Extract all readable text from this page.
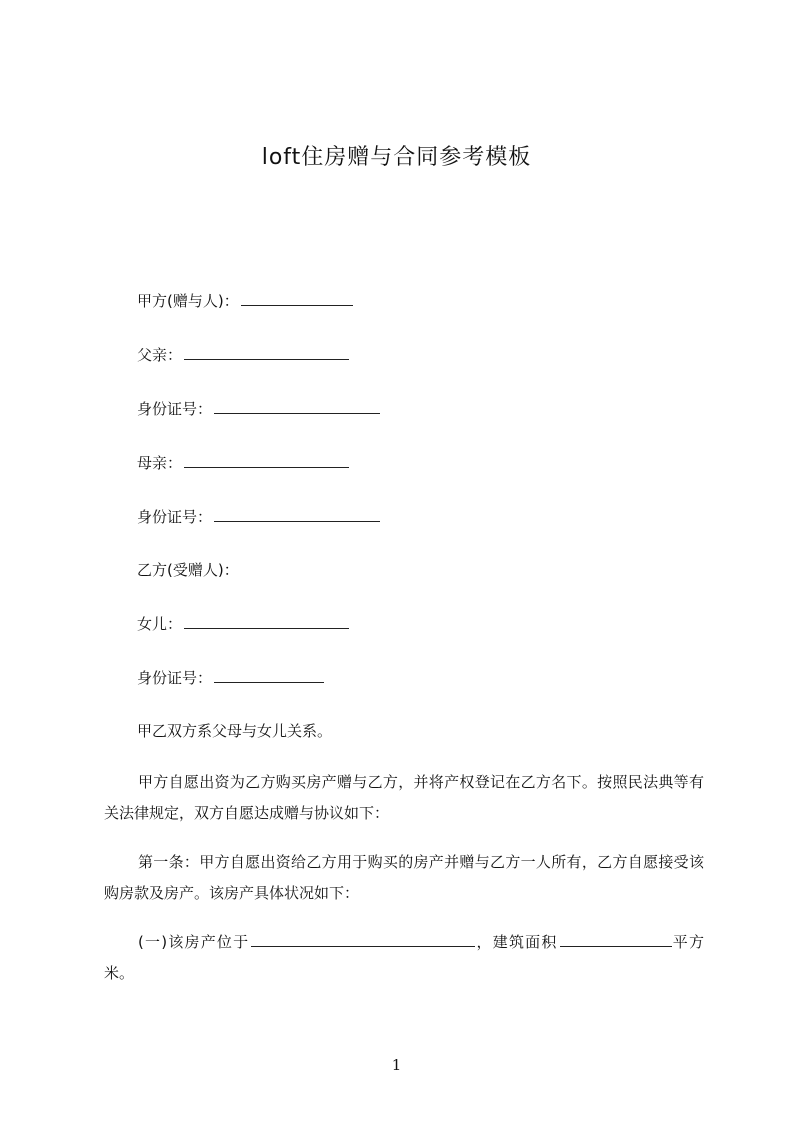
loft住房赠与合同参考模板
甲方(赠与人)：
父亲：
身份证号：
母亲：
身份证号：
乙方(受赠人)：
女儿：
身份证号：
甲乙双方系父母与女儿关系。
甲方自愿出资为乙方购买房产赠与乙方，并将产权登记在乙方名下。按照民法典等有关法律规定，双方自愿达成赠与协议如下：
第一条：甲方自愿出资给乙方用于购买的房产并赠与乙方一人所有，乙方自愿接受该购房款及房产。该房产具体状况如下：
(一)该房产位于	，建筑面积	平方米。
1
